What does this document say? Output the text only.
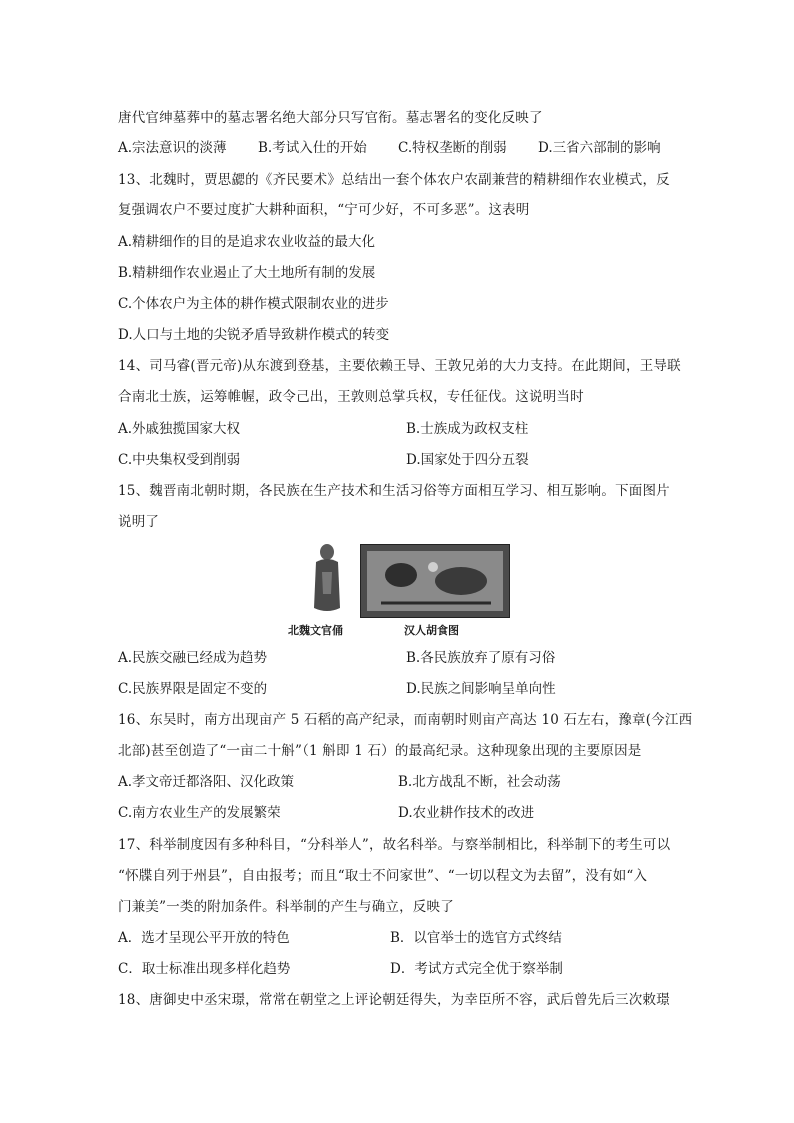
唐代官绅墓葬中的墓志署名绝大部分只写官衔。墓志署名的变化反映了
A.宗法意识的淡薄 B.考试入仕的开始 C.特权垄断的削弱 D.三省六部制的影响
13、北魏时，贾思勰的《齐民要术》总结出一套个体农户农副兼营的精耕细作农业模式，反
复强调农户不要过度扩大耕种面积，“宁可少好，不可多恶”。这表明
A.精耕细作的目的是追求农业收益的最大化
B.精耕细作农业遏止了大土地所有制的发展
C.个体农户为主体的耕作模式限制农业的进步
D.人口与土地的尖锐矛盾导致耕作模式的转变
14、司马睿(晋元帝)从东渡到登基，主要依赖王导、王敦兄弟的大力支持。在此期间，王导联
合南北士族，运筹帷幄，政令己出，王敦则总掌兵权，专任征伐。这说明当时
A.外戚独揽国家大权	B.士族成为政权支柱
C.中央集权受到削弱	D.国家处于四分五裂
15、魏晋南北朝时期，各民族在生产技术和生活习俗等方面相互学习、相互影响。下面图片
说明了
北魏文官俑	汉人胡食图
A.民族交融已经成为趋势	B.各民族放弃了原有习俗
C.民族界限是固定不变的	D.民族之间影响呈单向性
16、东吴时，南方出现亩产 5 石稻的高产纪录，而南朝时则亩产高达 10 石左右，豫章(今江西
北部)甚至创造了“一亩二十斛”（1 斛即 1 石）的最高纪录。这种现象出现的主要原因是
A.孝文帝迁都洛阳、汉化政策	B.北方战乱不断，社会动荡
C.南方农业生产的发展繁荣	D.农业耕作技术的改进
17、科举制度因有多种科目，“分科举人”，故名科举。与察举制相比，科举制下的考生可以
“怀牒自列于州县”，自由报考；而且“取士不问家世”、“一切以程文为去留”，没有如“入
门兼美”一类的附加条件。科举制的产生与确立，反映了
A．选才呈现公平开放的特色	B．以官举士的选官方式终结
C．取士标准出现多样化趋势	D．考试方式完全优于察举制
18、唐御史中丞宋璟，常常在朝堂之上评论朝廷得失，为幸臣所不容，武后曾先后三次敕璟
